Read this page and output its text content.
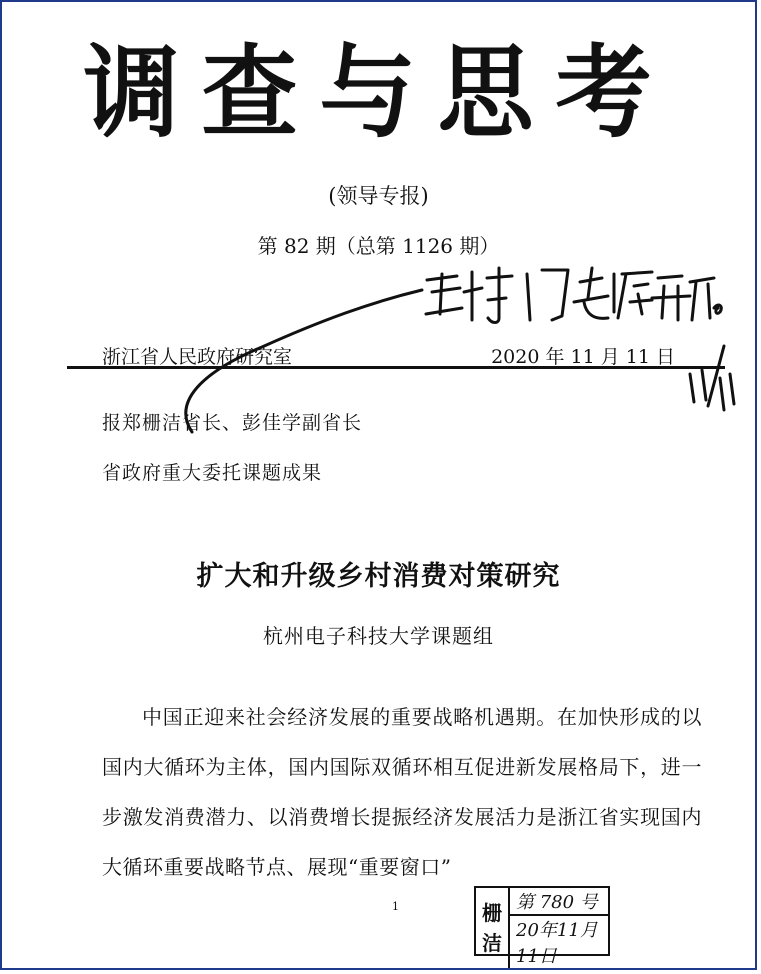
调查与思考
(领导专报)
第 82 期（总第 1126 期）
浙江省人民政府研究室	2020 年 11 月 11 日
报郑栅洁省长、彭佳学副省长
省政府重大委托课题成果
扩大和升级乡村消费对策研究
杭州电子科技大学课题组
中国正迎来社会经济发展的重要战略机遇期。在加快形成的以国内大循环为主体，国内国际双循环相互促进新发展格局下，进一步激发消费潜力、以消费增长提振经济发展活力是浙江省实现国内大循环重要战略节点、展现“重要窗口”
1	栅
洁
第 780 号
20年11月11日
